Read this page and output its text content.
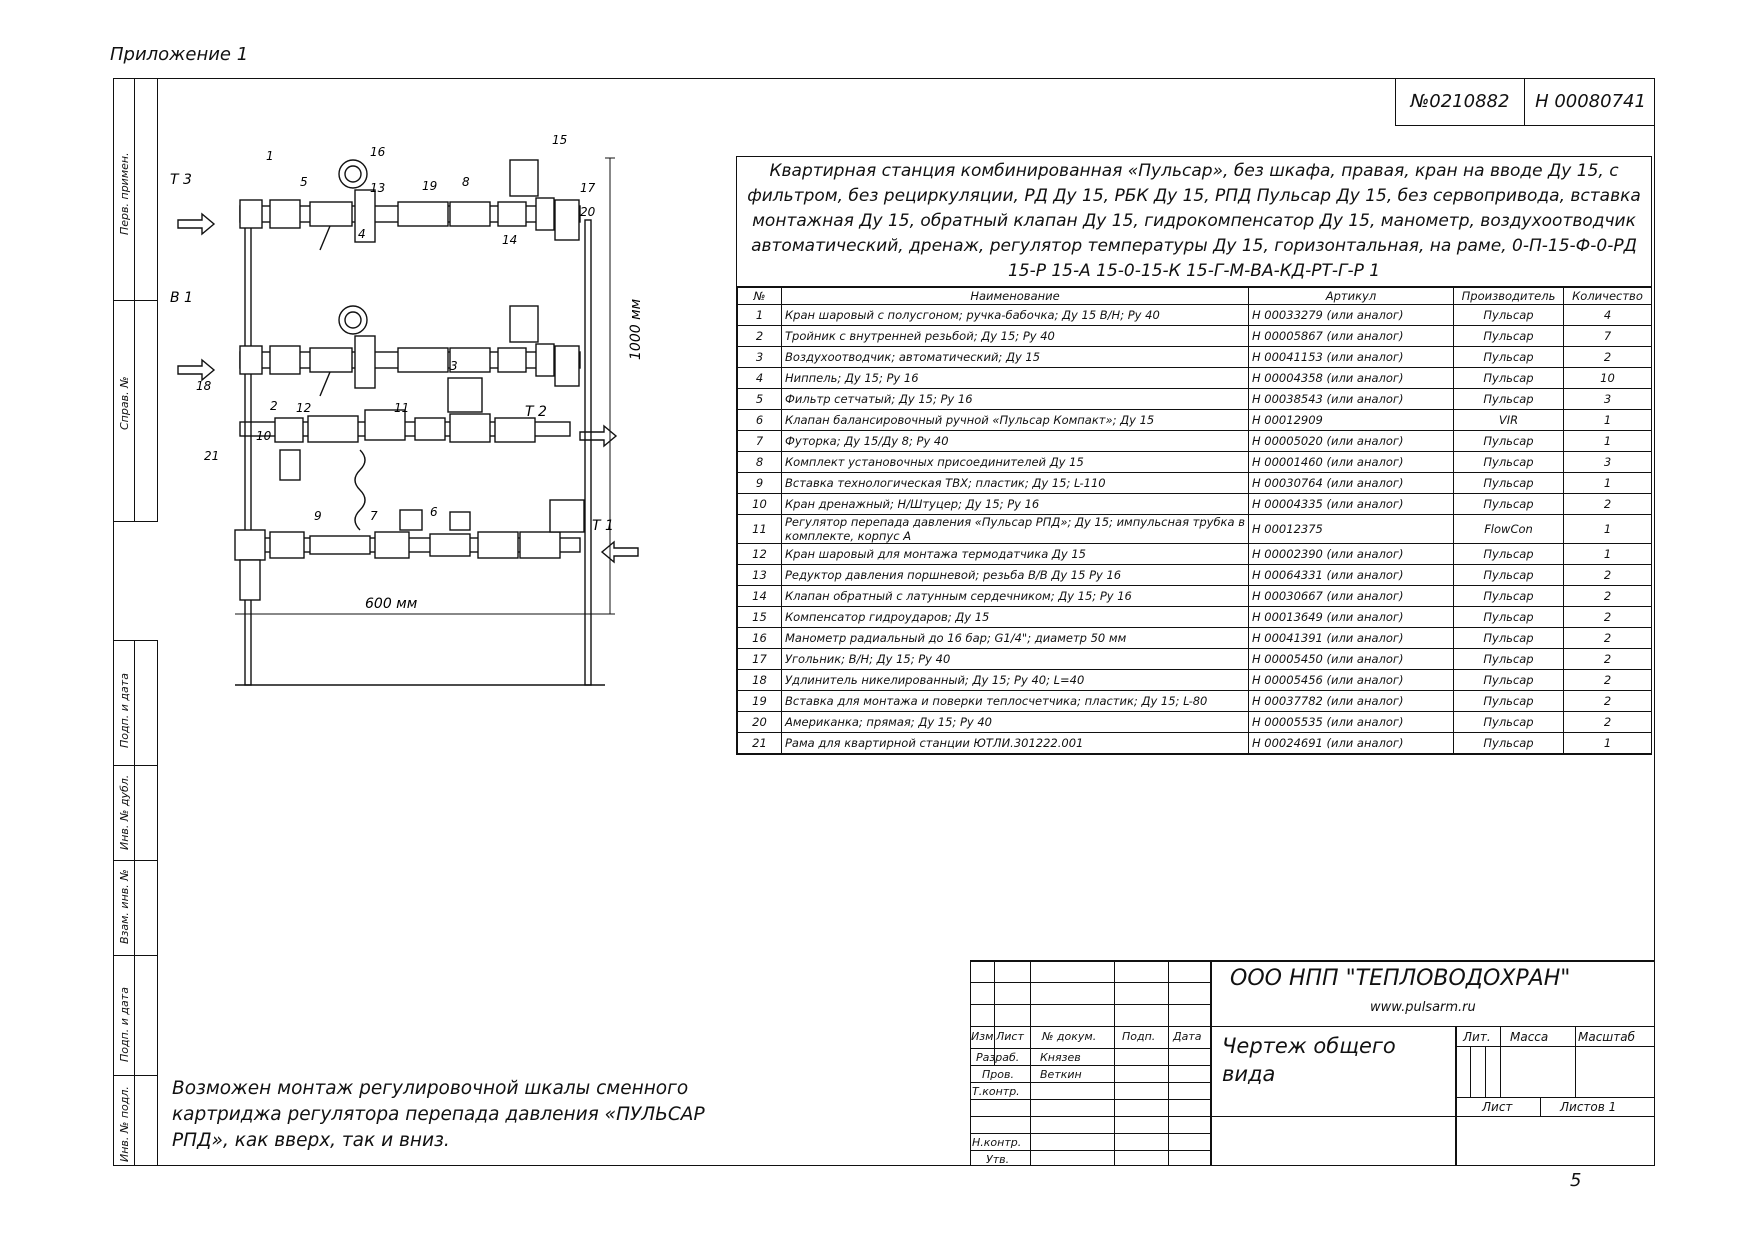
Приложение 1
Перв. примен.
Справ. №
Подп. и дата
Инв. № дубл.
Взам. инв. №
Подп. и дата
Инв. № подл.
№0210882	Н 00080741
Квартирная станция комбинированная «Пульсар», без шкафа, правая, кран на вводе Ду 15, с фильтром, без рециркуляции, РД Ду 15, РБК Ду 15, РПД Пульсар Ду 15, без сервопривода, вставка монтажная Ду 15, обратный клапан Ду 15, гидрокомпенсатор Ду 15, манометр, воздухоотводчик автоматический, дренаж, регулятор температуры Ду 15, горизонтальная, на раме, 0-П-15-Ф-0-РД 15-Р 15-А 15-0-15-К 15-Г-М-ВА-КД-РТ-Г-Р 1
№	Наименование	Артикул	Производитель	Количество
1	Кран шаровый с полусгоном; ручка-бабочка; Ду 15 В/Н; Ру 40	Н 00033279 (или аналог)	Пульсар	4
2	Тройник с внутренней резьбой; Ду 15; Ру 40	Н 00005867 (или аналог)	Пульсар	7
3	Воздухоотводчик; автоматический; Ду 15	Н 00041153 (или аналог)	Пульсар	2
4	Ниппель; Ду 15; Ру 16	Н 00004358 (или аналог)	Пульсар	10
5	Фильтр сетчатый; Ду 15; Ру 16	Н 00038543 (или аналог)	Пульсар	3
6	Клапан балансировочный ручной «Пульсар Компакт»; Ду 15	Н 00012909	VIR	1
7	Футорка; Ду 15/Ду 8; Ру 40	Н 00005020 (или аналог)	Пульсар	1
8	Комплект установочных присоединителей Ду 15	Н 00001460 (или аналог)	Пульсар	3
9	Вставка технологическая ТВХ; пластик; Ду 15; L-110	Н 00030764 (или аналог)	Пульсар	1
10	Кран дренажный; Н/Штуцер; Ду 15; Ру 16	Н 00004335 (или аналог)	Пульсар	2
11	Регулятор перепада давления «Пульсар РПД»; Ду 15; импульсная трубка в комплекте, корпус А	Н 00012375	FlowCon	1
12	Кран шаровый для монтажа термодатчика Ду 15	Н 00002390 (или аналог)	Пульсар	1
13	Редуктор давления поршневой; резьба В/В Ду 15 Ру 16	Н 00064331 (или аналог)	Пульсар	2
14	Клапан обратный с латунным сердечником; Ду 15; Ру 16	Н 00030667 (или аналог)	Пульсар	2
15	Компенсатор гидроударов; Ду 15	Н 00013649 (или аналог)	Пульсар	2
16	Манометр радиальный до 16 бар; G1/4"; диаметр 50 мм	Н 00041391 (или аналог)	Пульсар	2
17	Угольник; В/Н; Ду 15; Ру 40	Н 00005450 (или аналог)	Пульсар	2
18	Удлинитель никелированный; Ду 15; Ру 40; L=40	Н 00005456 (или аналог)	Пульсар	2
19	Вставка для монтажа и поверки теплосчетчика; пластик; Ду 15; L-80	Н 00037782 (или аналог)	Пульсар	2
20	Американка; прямая; Ду 15; Ру 40	Н 00005535 (или аналог)	Пульсар	2
21	Рама для квартирной станции ЮТЛИ.301222.001	Н 00024691 (или аналог)	Пульсар	1
Т 3
В 1
Т 2
Т 1
1000 мм
600 мм
1
5
16
13	19 8
15
17
20
4	14
18
12	11
3
2
10
21
7	6
9
ООО НПП "ТЕПЛОВОДОХРАН"
www.pulsarm.ru
Чертеж общего вида
Изм Лист № докум. Подп. Дата
Разраб. Князев
Пров. Веткин
Т.контр.
Н.контр.
Утв.
Лит. Масса Масштаб
Лист	Листов 1
Возможен монтаж регулировочной шкалы сменного картриджа регулятора перепада давления «ПУЛЬСАР РПД», как вверх, так и вниз.
5
